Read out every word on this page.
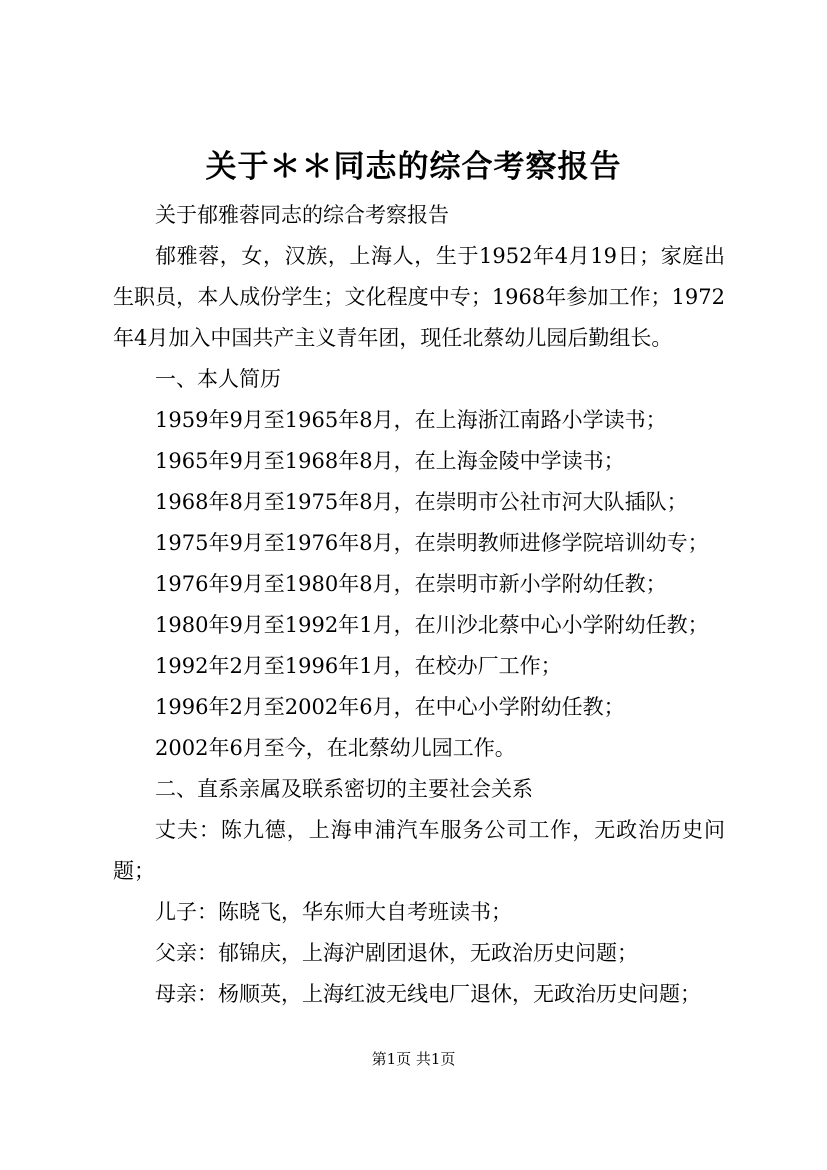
关于＊＊同志的综合考察报告

关于郁雅蓉同志的综合考察报告

郁雅蓉，女，汉族，上海人，生于1952年4月19日；家庭出生职员，本人成份学生；文化程度中专；1968年参加工作；1972年4月加入中国共产主义青年团，现任北蔡幼儿园后勤组长。

一、本人简历

1959年9月至1965年8月，在上海浙江南路小学读书；

1965年9月至1968年8月，在上海金陵中学读书；

1968年8月至1975年8月，在崇明市公社市河大队插队；

1975年9月至1976年8月，在崇明教师进修学院培训幼专；

1976年9月至1980年8月，在崇明市新小学附幼任教；

1980年9月至1992年1月，在川沙北蔡中心小学附幼任教；

1992年2月至1996年1月，在校办厂工作；

1996年2月至2002年6月，在中心小学附幼任教；

2002年6月至今，在北蔡幼儿园工作。

二、直系亲属及联系密切的主要社会关系

丈夫：陈九德，上海申浦汽车服务公司工作，无政治历史问题；

儿子：陈晓飞，华东师大自考班读书；

父亲：郁锦庆，上海沪剧团退休，无政治历史问题；

母亲：杨顺英，上海红波无线电厂退休，无政治历史问题；

第1页 共1页
